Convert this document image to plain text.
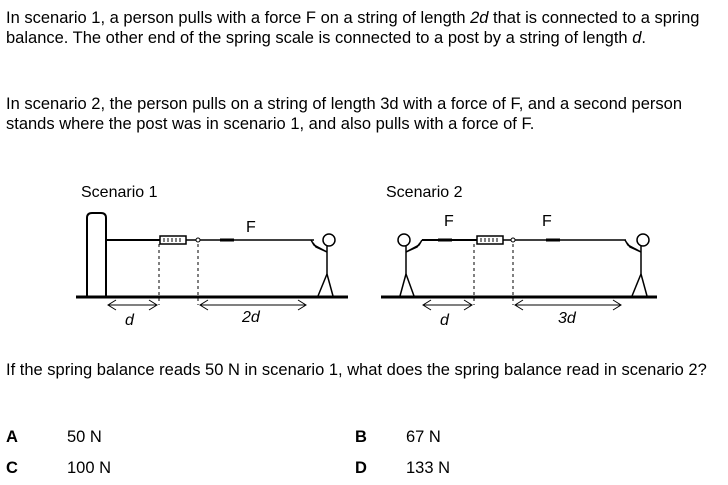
In scenario 1, a person pulls with a force F on a string of length 2d that is connected to a spring balance. The other end of the spring scale is connected to a post by a string of length d.
In scenario 2, the person pulls on a string of length 3d with a force of F, and a second person stands where the post was in scenario 1, and also pulls with a force of F.
Scenario 1	Scenario 2
F
d	2d
F	F
d	3d
If the spring balance reads 50 N in scenario 1, what does the spring balance read in scenario 2?
A	50 N	B 67 N
C	100 N	D 133 N
